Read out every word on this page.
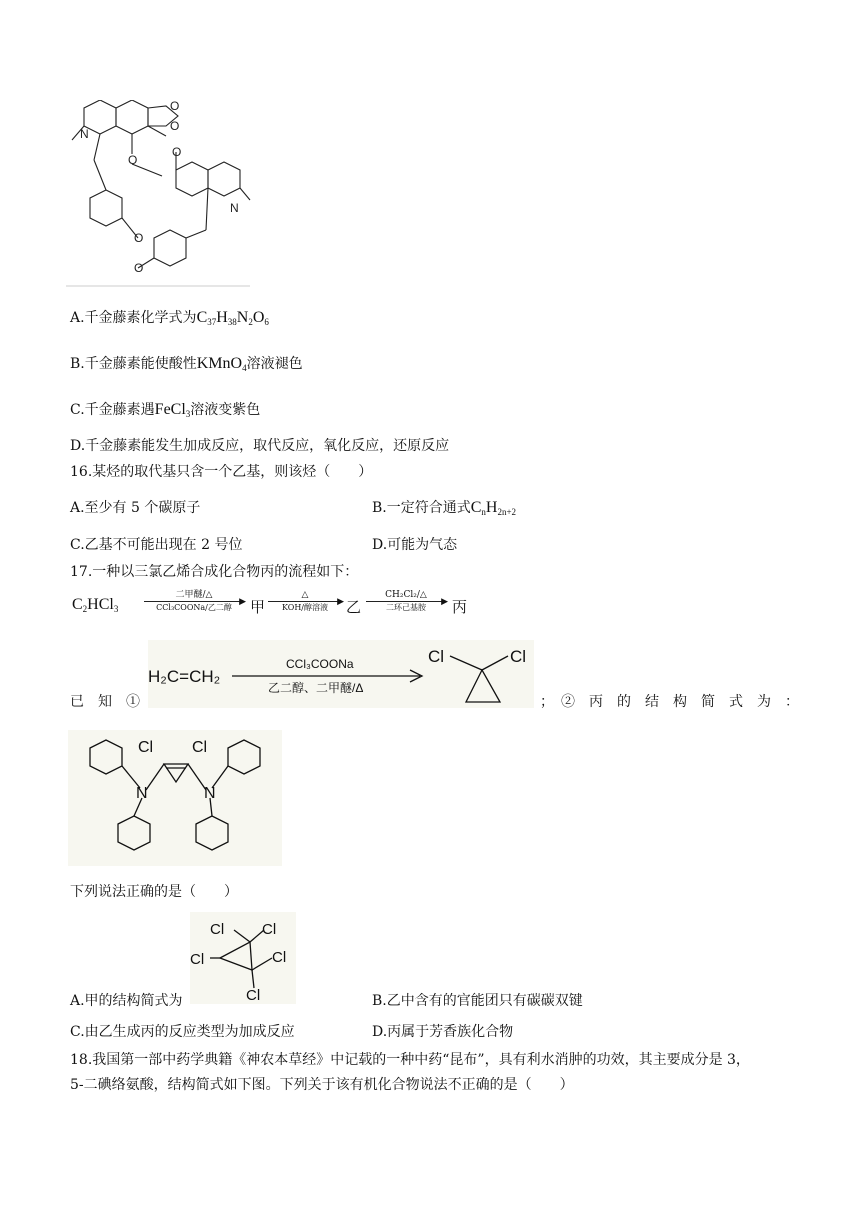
O
O
O
O
O
O
N
N
A.千金藤素化学式为$C_{37}H_{38}N_2O_6$
B.千金藤素能使酸性KMnO$_4$溶液褪色
C.千金藤素遇FeCl$_3$溶液变紫色
D.千金藤素能发生加成反应，取代反应，氧化反应，还原反应
16.某烃的取代基只含一个乙基，则该烃（　　）
A.至少有 5 个碳原子	B.一定符合通式$C_nH_{2n+2}$
C.乙基不可能出现在 2 号位	D.可能为气态
17.一种以三氯乙烯合成化合物丙的流程如下：
$C_2HCl_3$
二甲醚/△
▶
CCl₃COONa/乙二醇	甲
△
▶
KOH/醇溶液	乙
CH₂Cl₂/△
▶
二环己基胺	丙
已　知　①
H₂C=CH₂
CCl₃COONa
乙二醇、二甲醚/Δ
Cl	Cl
；　②　丙　的　结　构　简　式　为　：
Cl Cl
N	N
下列说法正确的是（　　）
Cl	Cl
Cl	Cl
Cl
A.甲的结构简式为	B.乙中含有的官能团只有碳碳双键
C.由乙生成丙的反应类型为加成反应	D.丙属于芳香族化合物
18.我国第一部中药学典籍《神农本草经》中记载的一种中药“昆布”，具有利水消肿的功效，其主要成分是 3，
5-二碘络氨酸，结构简式如下图。下列关于该有机化合物说法不正确的是（　　）
